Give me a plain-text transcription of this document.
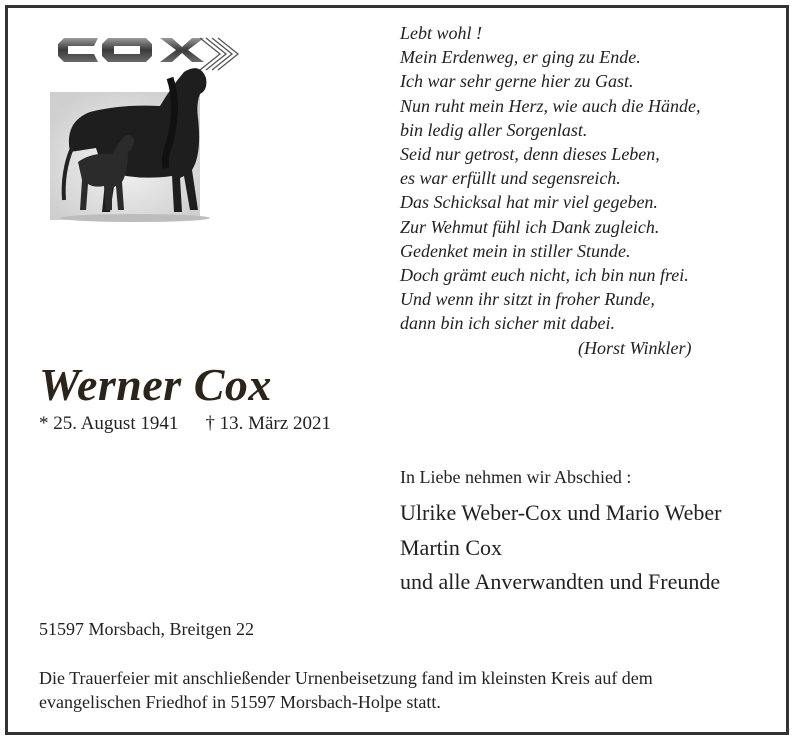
Lebt wohl !
Mein Erdenweg, er ging zu Ende.
Ich war sehr gerne hier zu Gast.
Nun ruht mein Herz, wie auch die Hände,
bin ledig aller Sorgenlast.
Seid nur getrost, denn dieses Leben,
es war erfüllt und segensreich.
Das Schicksal hat mir viel gegeben.
Zur Wehmut fühl ich Dank zugleich.
Gedenket mein in stiller Stunde.
Doch grämt euch nicht, ich bin nun frei.
Und wenn ihr sitzt in froher Runde,
dann bin ich sicher mit dabei.
(Horst Winkler)
Werner Cox
* 25. August 1941 † 13. März 2021
In Liebe nehmen wir Abschied :
Ulrike Weber-Cox und Mario Weber
Martin Cox
und alle Anverwandten und Freunde
51597 Morsbach, Breitgen 22
Die Trauerfeier mit anschließender Urnenbeisetzung fand im kleinsten Kreis auf dem evangelischen Friedhof in 51597 Morsbach-Holpe statt.
